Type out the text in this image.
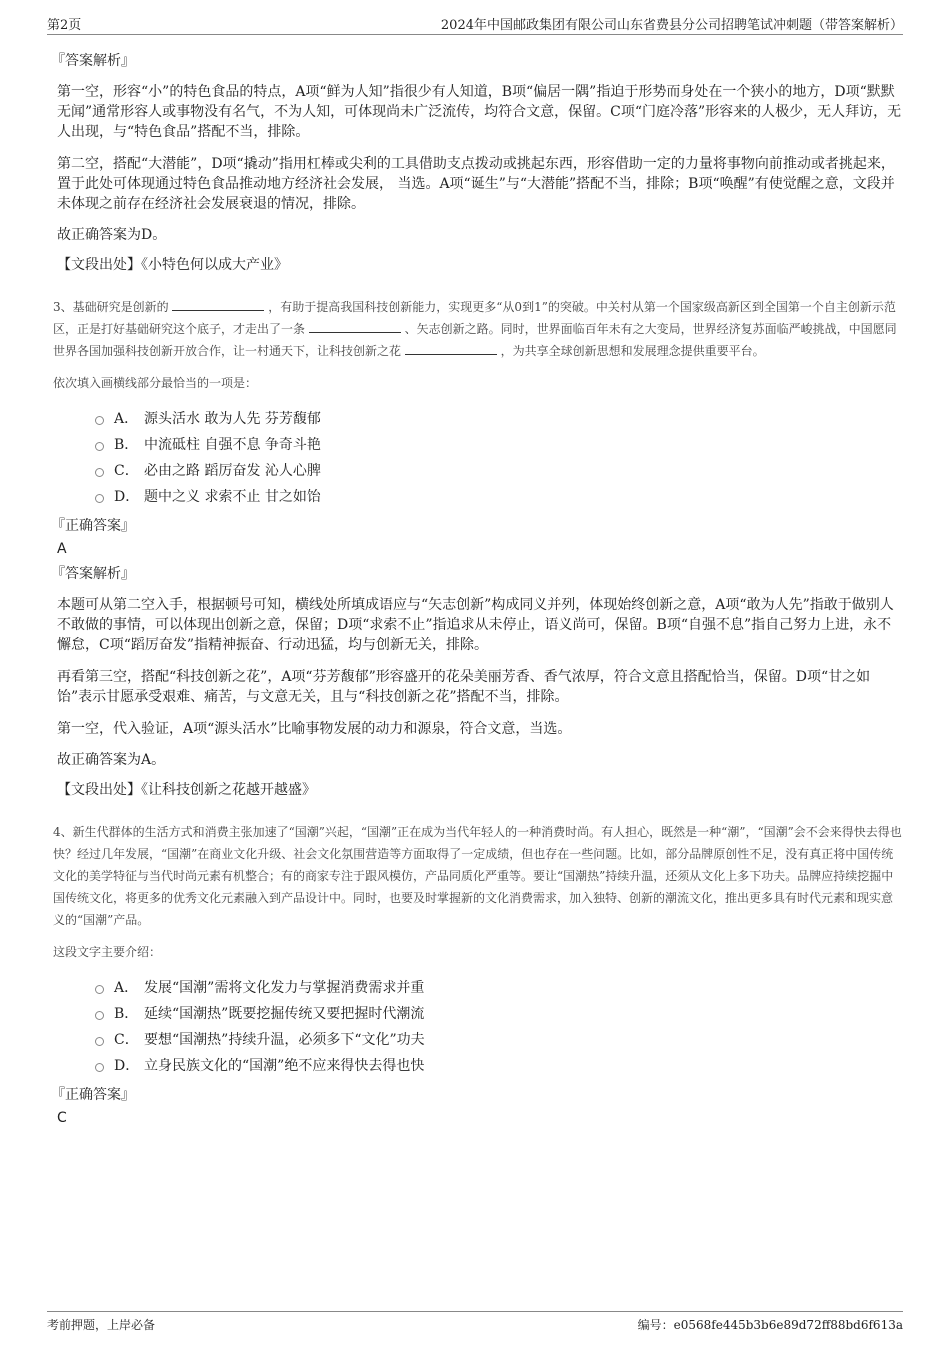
第2页	2024年中国邮政集团有限公司山东省费县分公司招聘笔试冲刺题（带答案解析）
『答案解析』
第一空，形容“小”的特色食品的特点，A项“鲜为人知”指很少有人知道，B项“偏居一隅”指迫于形势而身处在一个狭小的地方，D项“默默无闻”通常形容人或事物没有名气，不为人知，可体现尚未广泛流传，均符合文意，保留。C项“门庭冷落”形容来的人极少，无人拜访，无人出现，与“特色食品”搭配不当，排除。
第二空，搭配“大潜能”，D项“撬动”指用杠棒或尖利的工具借助支点拨动或挑起东西，形容借助一定的力量将事物向前推动或者挑起来，置于此处可体现通过特色食品推动地方经济社会发展， 当选。A项“诞生”与“大潜能”搭配不当，排除；B项“唤醒”有使觉醒之意，文段并未体现之前存在经济社会发展衰退的情况，排除。
故正确答案为D。
【文段出处】《小特色何以成大产业》
3、基础研究是创新的	，有助于提高我国科技创新能力，实现更多“从0到1”的突破。中关村从第一个国家级高新区到全国第一个自主创新示范区，正是打好基础研究这个底子，才走出了一条	、矢志创新之路。同时，世界面临百年未有之大变局，世界经济复苏面临严峻挑战，中国愿同世界各国加强科技创新开放合作，让一村通天下，让科技创新之花	，为共享全球创新思想和发展理念提供重要平台。
依次填入画横线部分最恰当的一项是：
A． 源头活水 敢为人先 芬芳馥郁
B． 中流砥柱 自强不息 争奇斗艳
C． 必由之路 蹈厉奋发 沁人心脾
D． 题中之义 求索不止 甘之如饴
『正确答案』
A
『答案解析』
本题可从第二空入手，根据顿号可知，横线处所填成语应与“矢志创新”构成同义并列，体现始终创新之意，A项“敢为人先”指敢于做别人不敢做的事情，可以体现出创新之意，保留；D项“求索不止”指追求从未停止，语义尚可，保留。B项“自强不息”指自己努力上进，永不懈怠，C项“蹈厉奋发”指精神振奋、行动迅猛，均与创新无关，排除。
再看第三空，搭配“科技创新之花”，A项“芬芳馥郁”形容盛开的花朵美丽芳香、香气浓厚，符合文意且搭配恰当，保留。D项“甘之如饴”表示甘愿承受艰难、痛苦，与文意无关，且与“科技创新之花”搭配不当，排除。
第一空，代入验证，A项“源头活水”比喻事物发展的动力和源泉，符合文意，当选。
故正确答案为A。
【文段出处】《让科技创新之花越开越盛》
4、新生代群体的生活方式和消费主张加速了“国潮”兴起，“国潮”正在成为当代年轻人的一种消费时尚。有人担心，既然是一种“潮”，“国潮”会不会来得快去得也快？经过几年发展，“国潮”在商业文化升级、社会文化氛围营造等方面取得了一定成绩，但也存在一些问题。比如，部分品牌原创性不足，没有真正将中国传统文化的美学特征与当代时尚元素有机整合；有的商家专注于跟风模仿，产品同质化严重等。要让“国潮热”持续升温，还须从文化上多下功夫。品牌应持续挖掘中国传统文化，将更多的优秀文化元素融入到产品设计中。同时，也要及时掌握新的文化消费需求，加入独特、创新的潮流文化，推出更多具有时代元素和现实意义的“国潮”产品。
这段文字主要介绍：
A． 发展“国潮”需将文化发力与掌握消费需求并重
B． 延续“国潮热”既要挖掘传统又要把握时代潮流
C． 要想“国潮热”持续升温，必须多下“文化”功夫
D． 立身民族文化的“国潮”绝不应来得快去得也快
『正确答案』
C
考前押题，上岸必备	编号：e0568fe445b3b6e89d72ff88bd6f613a
